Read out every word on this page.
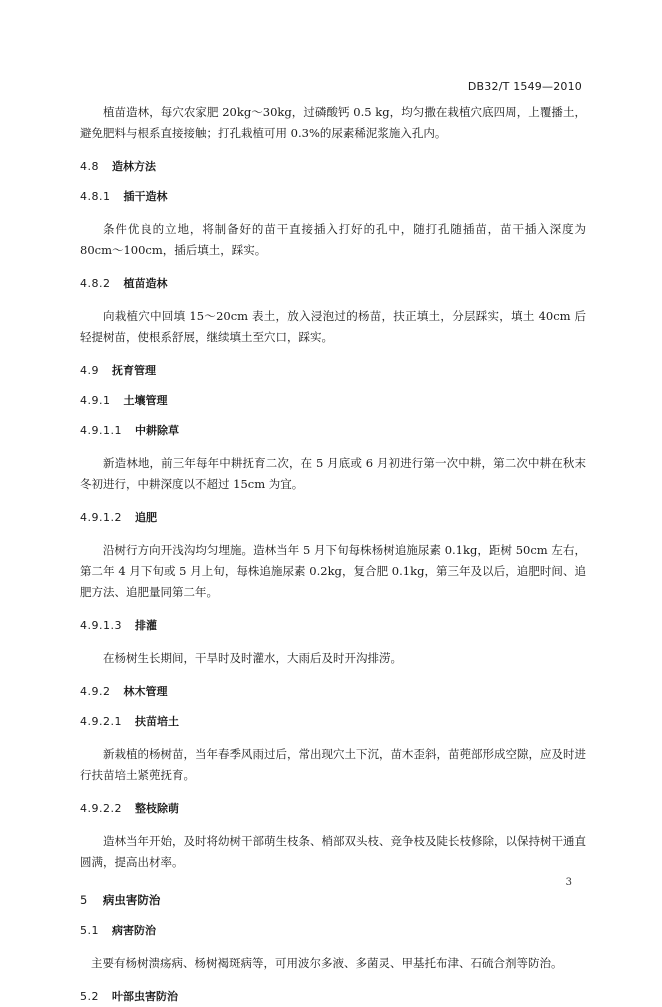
DB32/T 1549—2010

植苗造林，每穴农家肥 20kg～30kg，过磷酸钙 0.5 kg，均匀撒在栽植穴底四周，上覆播土，避免肥料与根系直接接触；打孔栽植可用 0.3%的尿素稀泥浆施入孔内。

4.8 造林方法
4.8.1 插干造林

条件优良的立地，将制备好的苗干直接插入打好的孔中，随打孔随插苗，苗干插入深度为 80cm～100cm，插后填土，踩实。

4.8.2 植苗造林

向栽植穴中回填 15～20cm 表土，放入浸泡过的杨苗，扶正填土，分层踩实，填土 40cm 后轻提树苗，使根系舒展，继续填土至穴口，踩实。

4.9 抚育管理
4.9.1 土壤管理
4.9.1.1 中耕除草

新造林地，前三年每年中耕抚育二次，在 5 月底或 6 月初进行第一次中耕，第二次中耕在秋末冬初进行，中耕深度以不超过 15cm 为宜。

4.9.1.2 追肥

沿树行方向开浅沟均匀埋施。造林当年 5 月下旬每株杨树追施尿素 0.1kg，距树 50cm 左右，第二年 4 月下旬或 5 月上旬，每株追施尿素 0.2kg，复合肥 0.1kg，第三年及以后，追肥时间、追肥方法、追肥量同第二年。

4.9.1.3 排灌

在杨树生长期间，干旱时及时灌水，大雨后及时开沟排涝。

4.9.2 林木管理
4.9.2.1 扶苗培土

新栽植的杨树苗，当年春季风雨过后，常出现穴土下沉，苗木歪斜，苗蔸部形成空隙，应及时进行扶苗培土紧蔸抚育。

4.9.2.2 整枝除萌

造林当年开始，及时将幼树干部萌生枝条、梢部双头枝、竞争枝及陡长枝修除，以保持树干通直圆满，提高出材率。

5 病虫害防治
5.1 病害防治

主要有杨树溃疡病、杨树褐斑病等，可用波尔多液、多菌灵、甲基托布津、石硫合剂等防治。

5.2 叶部虫害防治
3
